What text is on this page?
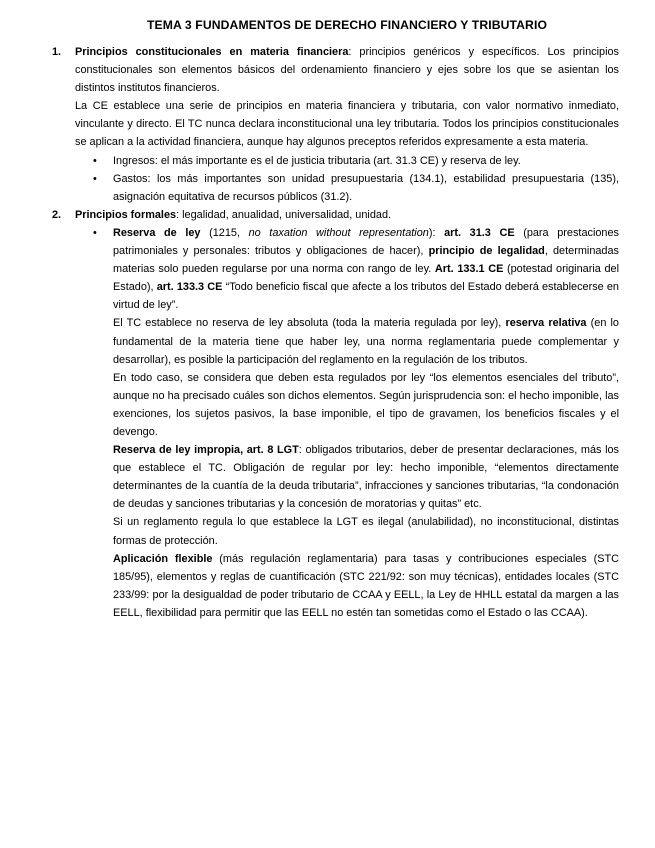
TEMA 3 FUNDAMENTOS DE DERECHO FINANCIERO Y TRIBUTARIO
1. Principios constitucionales en materia financiera: principios genéricos y específicos. Los principios constitucionales son elementos básicos del ordenamiento financiero y ejes sobre los que se asientan los distintos institutos financieros.

La CE establece una serie de principios en materia financiera y tributaria, con valor normativo inmediato, vinculante y directo. El TC nunca declara inconstitucional una ley tributaria. Todos los principios constitucionales se aplican a la actividad financiera, aunque hay algunos preceptos referidos expresamente a esta materia.

• Ingresos: el más importante es el de justicia tributaria (art. 31.3 CE) y reserva de ley.
• Gastos: los más importantes son unidad presupuestaria (134.1), estabilidad presupuestaria (135), asignación equitativa de recursos públicos (31.2).
2. Principios formales: legalidad, anualidad, universalidad, unidad.

• Reserva de ley (1215, no taxation without representation): art. 31.3 CE (para prestaciones patrimoniales y personales: tributos y obligaciones de hacer), principio de legalidad, determinadas materias solo pueden regularse por una norma con rango de ley. Art. 133.1 CE (potestad originaria del Estado), art. 133.3 CE “Todo beneficio fiscal que afecte a los tributos del Estado deberá establecerse en virtud de ley”.

El TC establece no reserva de ley absoluta (toda la materia regulada por ley), reserva relativa (en lo fundamental de la materia tiene que haber ley, una norma reglamentaria puede complementar y desarrollar), es posible la participación del reglamento en la regulación de los tributos.

En todo caso, se considera que deben esta regulados por ley “los elementos esenciales del tributo”, aunque no ha precisado cuáles son dichos elementos. Según jurisprudencia son: el hecho imponible, las exenciones, los sujetos pasivos, la base imponible, el tipo de gravamen, los beneficios fiscales y el devengo.

Reserva de ley impropia, art. 8 LGT: obligados tributarios, deber de presentar declaraciones, más los que establece el TC. Obligación de regular por ley: hecho imponible, “elementos directamente determinantes de la cuantía de la deuda tributaria”, infracciones y sanciones tributarias, “la condonación de deudas y sanciones tributarias y la concesión de moratorias y quitas” etc.

Si un reglamento regula lo que establece la LGT es ilegal (anulabilidad), no inconstitucional, distintas formas de protección.

Aplicación flexible (más regulación reglamentaria) para tasas y contribuciones especiales (STC 185/95), elementos y reglas de cuantificación (STC 221/92: son muy técnicas), entidades locales (STC 233/99: por la desigualdad de poder tributario de CCAA y EELL, la Ley de HHLL estatal da margen a las EELL, flexibilidad para permitir que las EELL no estén tan sometidas como el Estado o las CCAA).
